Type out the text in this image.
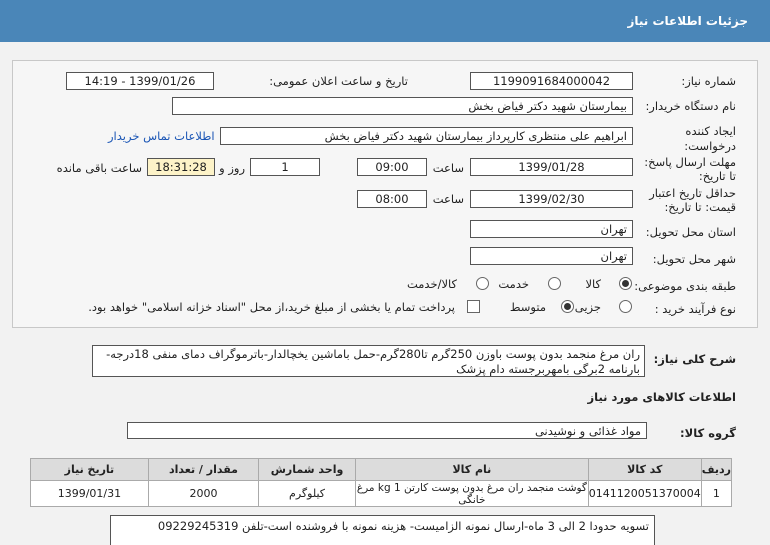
جزئیات اطلاعات نیاز
شماره نیاز:
1199091684000042
تاریخ و ساعت اعلان عمومی:
1399/01/26 - 14:19
نام دستگاه خریدار:
بیمارستان شهید دکتر فیاض بخش
ایجاد کننده
درخواست:
ابراهیم علی منتظری کارپرداز بیمارستان شهید دکتر فیاض بخش
اطلاعات تماس خریدار
مهلت ارسال پاسخ:
تا تاریخ:
1399/01/28
ساعت
09:00
1
روز و
18:31:28
ساعت باقی مانده
حداقل تاریخ اعتبار
قیمت: تا تاریخ:
1399/02/30
ساعت
08:00
استان محل تحویل:
تهران
شهر محل تحویل:
تهران
طبقه بندی موضوعی:
کالا
خدمت
کالا/خدمت
نوع فرآیند خرید :
جزیی
متوسط
پرداخت تمام یا بخشی از مبلغ خرید،از محل "اسناد خزانه اسلامی" خواهد بود.
شرح کلی نیاز:
ران مرغ منجمد بدون پوست باوزن 250گرم تا280گرم-حمل باماشین یخچالدار-باترموگراف دمای منفی 18درجه-بارنامه 2برگی بامهربرجسته دام پزشک
اطلاعات کالاهای مورد نیاز
گروه کالا:
مواد غذائی و نوشیدنی
ردیف	کد کالا	نام کالا	واحد شمارش	مقدار / تعداد	تاریخ نیاز
1	0141120051370004	گوشت منجمد ران مرغ بدون پوست کارتن 1 kg مرغ خانگی	کیلوگرم	2000	1399/01/31
تسویه حدودا 2 الی 3 ماه-ارسال نمونه الزامیست- هزینه نمونه با فروشنده است-تلفن 09229245319
